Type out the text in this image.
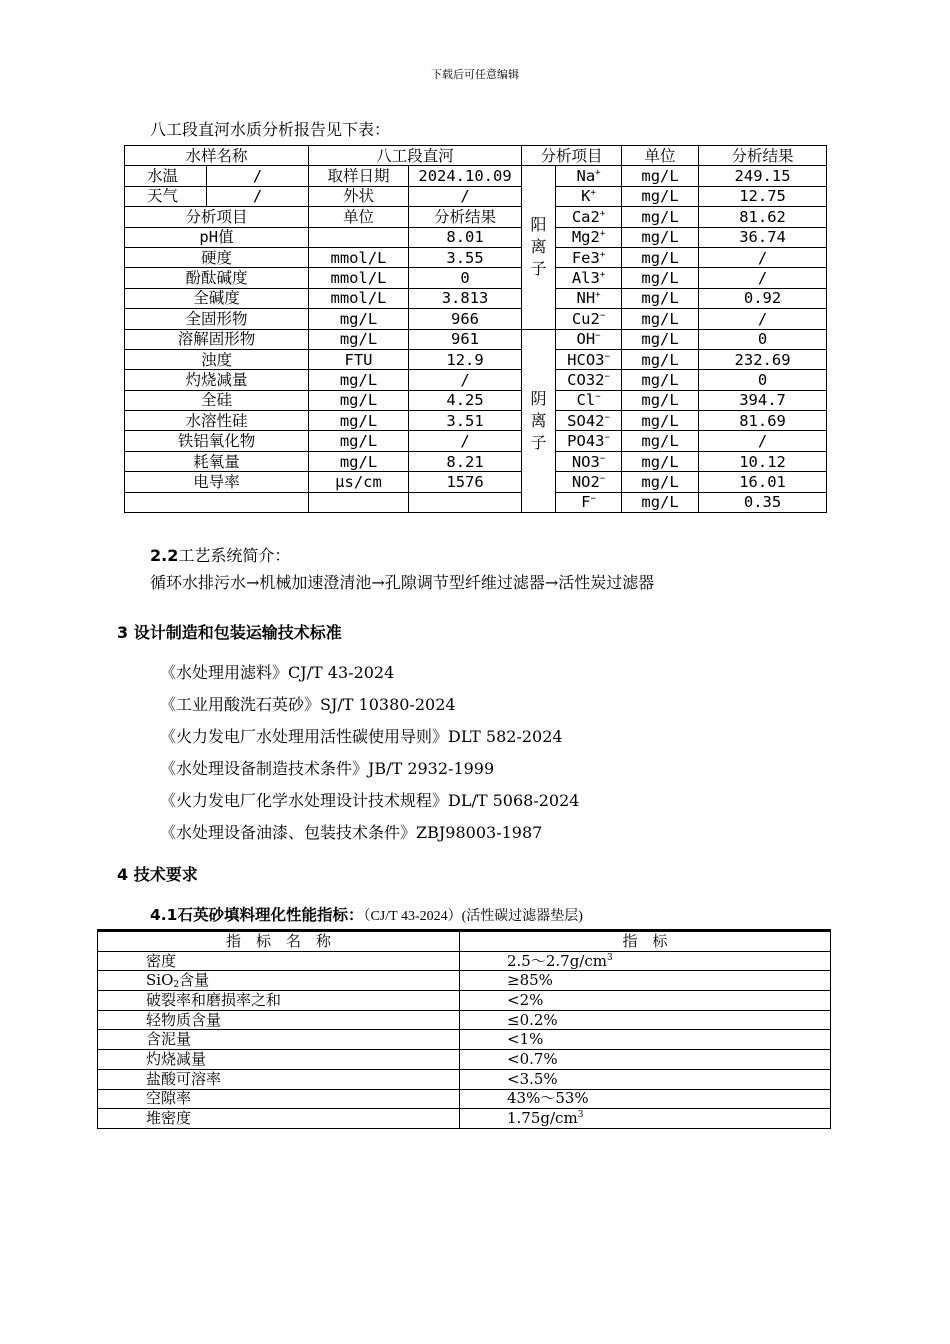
下载后可任意编辑
八工段直河水质分析报告见下表：
水样名称		八工段直河		分析项目		单位	分析结果
水温	/	取样日期	2024.10.09	阳离子	Na+	mg/L	249.15
天气	/	外状	/		K+	mg/L	12.75
分析项目		单位	分析结果		Ca2+	mg/L	81.62
pH值			8.01		Mg2+	mg/L	36.74
硬度		mmol/L	3.55		Fe3+	mg/L	/
酚酞碱度		mmol/L	0		Al3+	mg/L	/
全碱度		mmol/L	3.813		NH+	mg/L	0.92
全固形物		mg/L	966		Cu2−	mg/L	/
溶解固形物		mg/L	961	阴离子	OH−	mg/L	0
浊度		FTU	12.9		HCO3−	mg/L	232.69
灼烧减量		mg/L	/		CO32−	mg/L	0
全硅		mg/L	4.25		Cl−	mg/L	394.7
水溶性硅		mg/L	3.51		SO42−	mg/L	81.69
铁铝氧化物		mg/L	/		PO43−	mg/L	/
耗氧量		mg/L	8.21		NO3−	mg/L	10.12
电导率		μs/cm	1576		NO2−	mg/L	16.01
					F−	mg/L	0.35
2.2工艺系统简介：
循环水排污水→机械加速澄清池→孔隙调节型纤维过滤器→活性炭过滤器
3 设计制造和包装运输技术标准
《水处理用滤料》CJ/T 43-2024
《工业用酸洗石英砂》SJ/T 10380-2024
《火力发电厂水处理用活性碳使用导则》DLT 582-2024
《水处理设备制造技术条件》JB/T 2932-1999
《火力发电厂化学水处理设计技术规程》DL/T 5068-2024
《水处理设备油漆、包装技术条件》ZBJ98003-1987
4 技术要求
4.1石英砂填料理化性能指标：（CJ/T 43-2024）(活性碳过滤器垫层)
指　标　名　称	指　标
密度	$2.5\sim 2.7g/cm^3$
SiO$_2$含量	≥85%
破裂率和磨损率之和	<2%
轻物质含量	≤0.2%
含泥量	<1%
灼烧减量	<0.7%
盐酸可溶率	<3.5%
空隙率	43%～53%
堆密度	$1.75g/cm^3$
